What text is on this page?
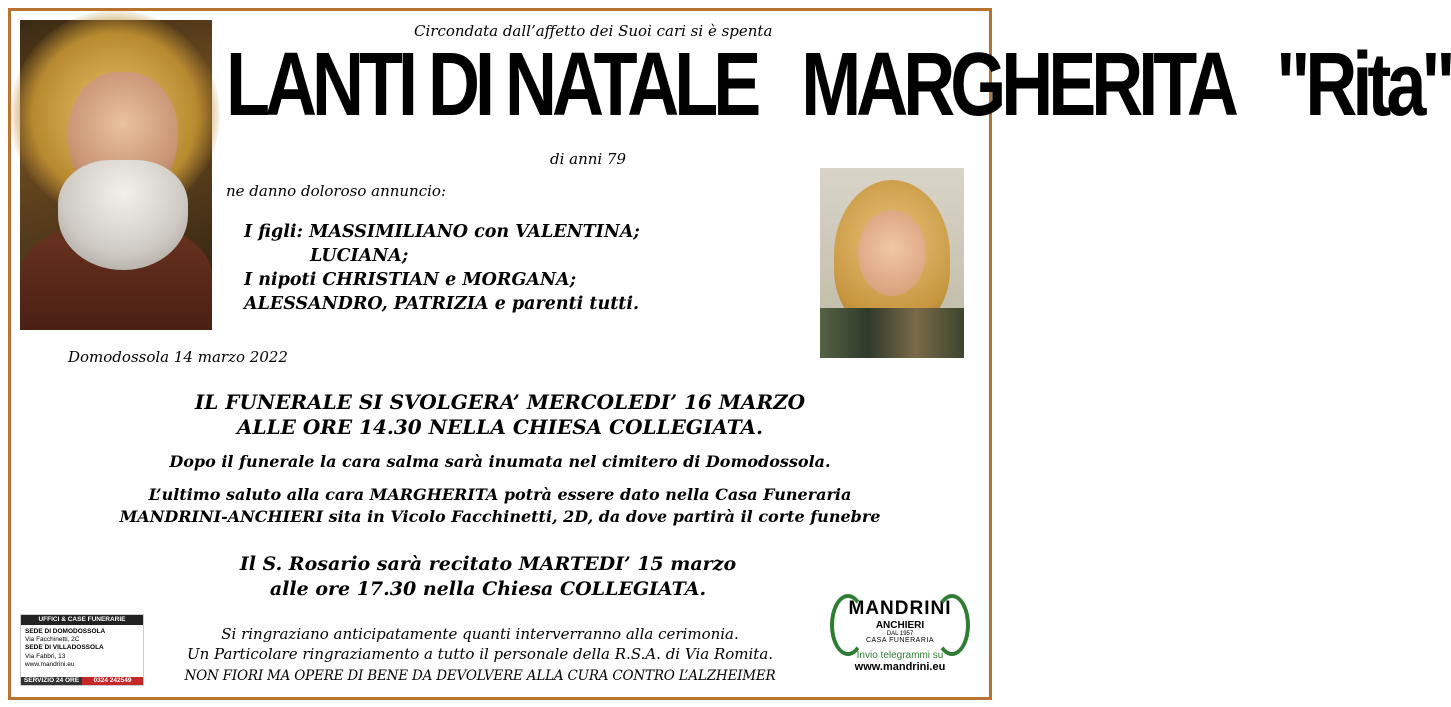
Circondata dall’affetto dei Suoi cari si è spenta
LANTI DI NATALE   MARGHERITA   "Rita"
di anni 79
ne danno doloroso annuncio:
I figli: MASSIMILIANO con VALENTINA;
LUCIANA;
I nipoti CHRISTIAN e MORGANA;
ALESSANDRO, PATRIZIA e parenti tutti.
Domodossola 14 marzo 2022
IL FUNERALE SI SVOLGERA’ MERCOLEDI’ 16 MARZO
ALLE ORE 14.30 NELLA CHIESA COLLEGIATA.
Dopo il funerale la cara salma sarà inumata nel cimitero di Domodossola.
L’ultimo saluto alla cara MARGHERITA potrà essere dato nella Casa Funeraria
MANDRINI-ANCHIERI sita in Vicolo Facchinetti, 2D, da dove partirà il corte funebre
Il S. Rosario sarà recitato MARTEDI’ 15 marzo
alle ore 17.30 nella Chiesa COLLEGIATA.
Si ringraziano anticipatamente quanti interverranno alla cerimonia.
Un Particolare ringraziamento a tutto il personale della R.S.A. di Via Romita.
NON FIORI MA OPERE DI BENE DA DEVOLVERE ALLA CURA CONTRO L’ALZHEIMER
UFFICI & CASE FUNERARIE
SEDE DI DOMODOSSOLA
Via Facchinetti, 2C
SEDE DI VILLADOSSOLA
Via Fabbri, 13
www.mandrini.eu
SERVIZIO 24 ORE	0324 242549
MANDRINI
ANCHIERI
DAL 1957
CASA FUNERARIA
Invio telegrammi su
www.mandrini.eu
